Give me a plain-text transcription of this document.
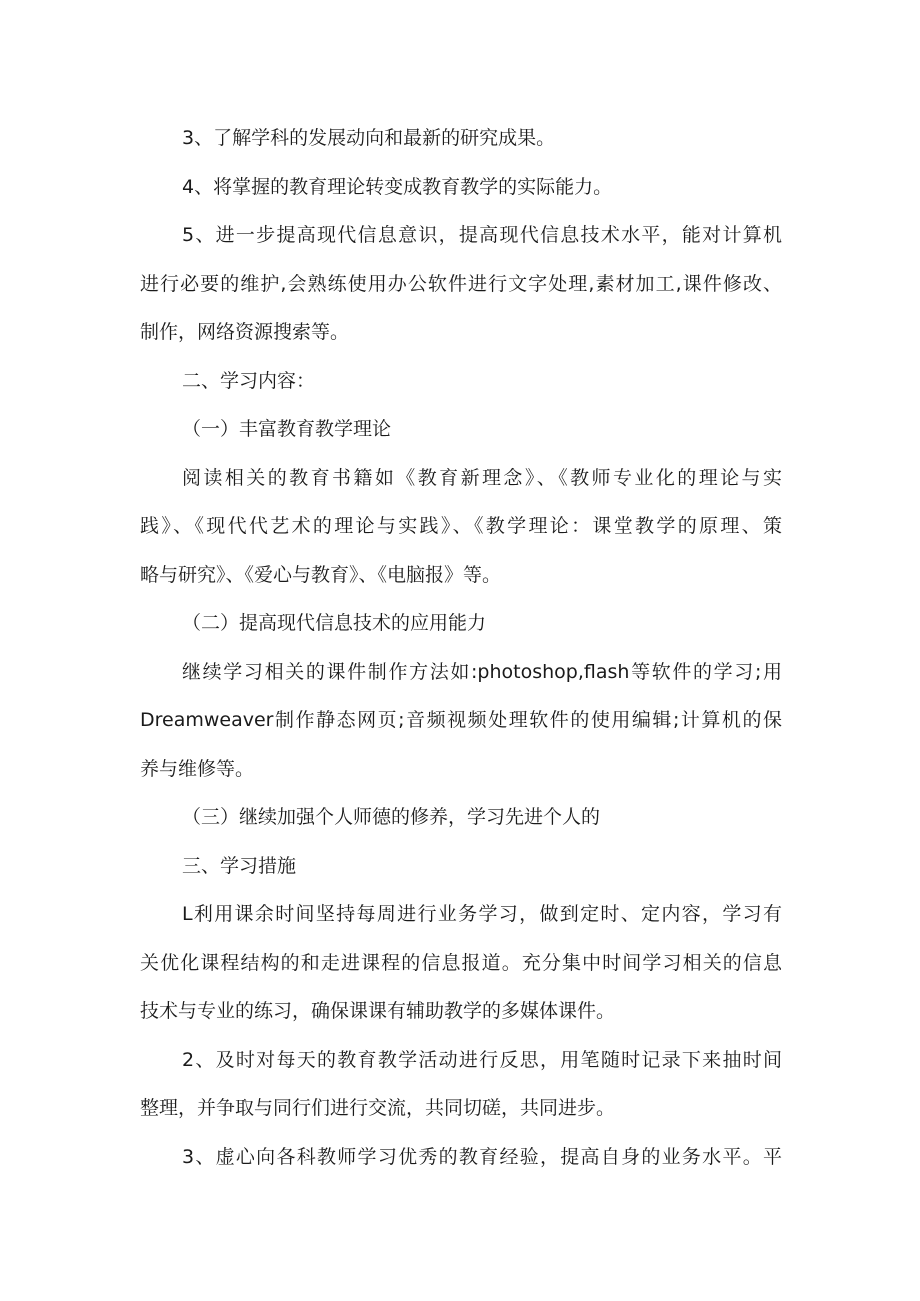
3、了解学科的发展动向和最新的研究成果。
4、将掌握的教育理论转变成教育教学的实际能力。
5、进一步提高现代信息意识，提高现代信息技术水平，能对计算机
进行必要的维护,会熟练使用办公软件进行文字处理,素材加工,课件修改、
制作，网络资源搜索等。
二、学习内容：
（一）丰富教育教学理论
阅读相关的教育书籍如《教育新理念》、《教师专业化的理论与实
践》、《现代代艺术的理论与实践》、《教学理论：课堂教学的原理、策
略与研究》、《爱心与教育》、《电脑报》等。
（二）提高现代信息技术的应用能力
继续学习相关的课件制作方法如:photoshop,flash等软件的学习;用
Dreamweaver制作静态网页;音频视频处理软件的使用编辑;计算机的保
养与维修等。
（三）继续加强个人师德的修养，学习先进个人的
三、学习措施
L利用课余时间坚持每周进行业务学习，做到定时、定内容，学习有
关优化课程结构的和走进课程的信息报道。充分集中时间学习相关的信息
技术与专业的练习，确保课课有辅助教学的多媒体课件。
2、及时对每天的教育教学活动进行反思，用笔随时记录下来抽时间
整理，并争取与同行们进行交流，共同切磋，共同进步。
3、虚心向各科教师学习优秀的教育经验，提高自身的业务水平。平
